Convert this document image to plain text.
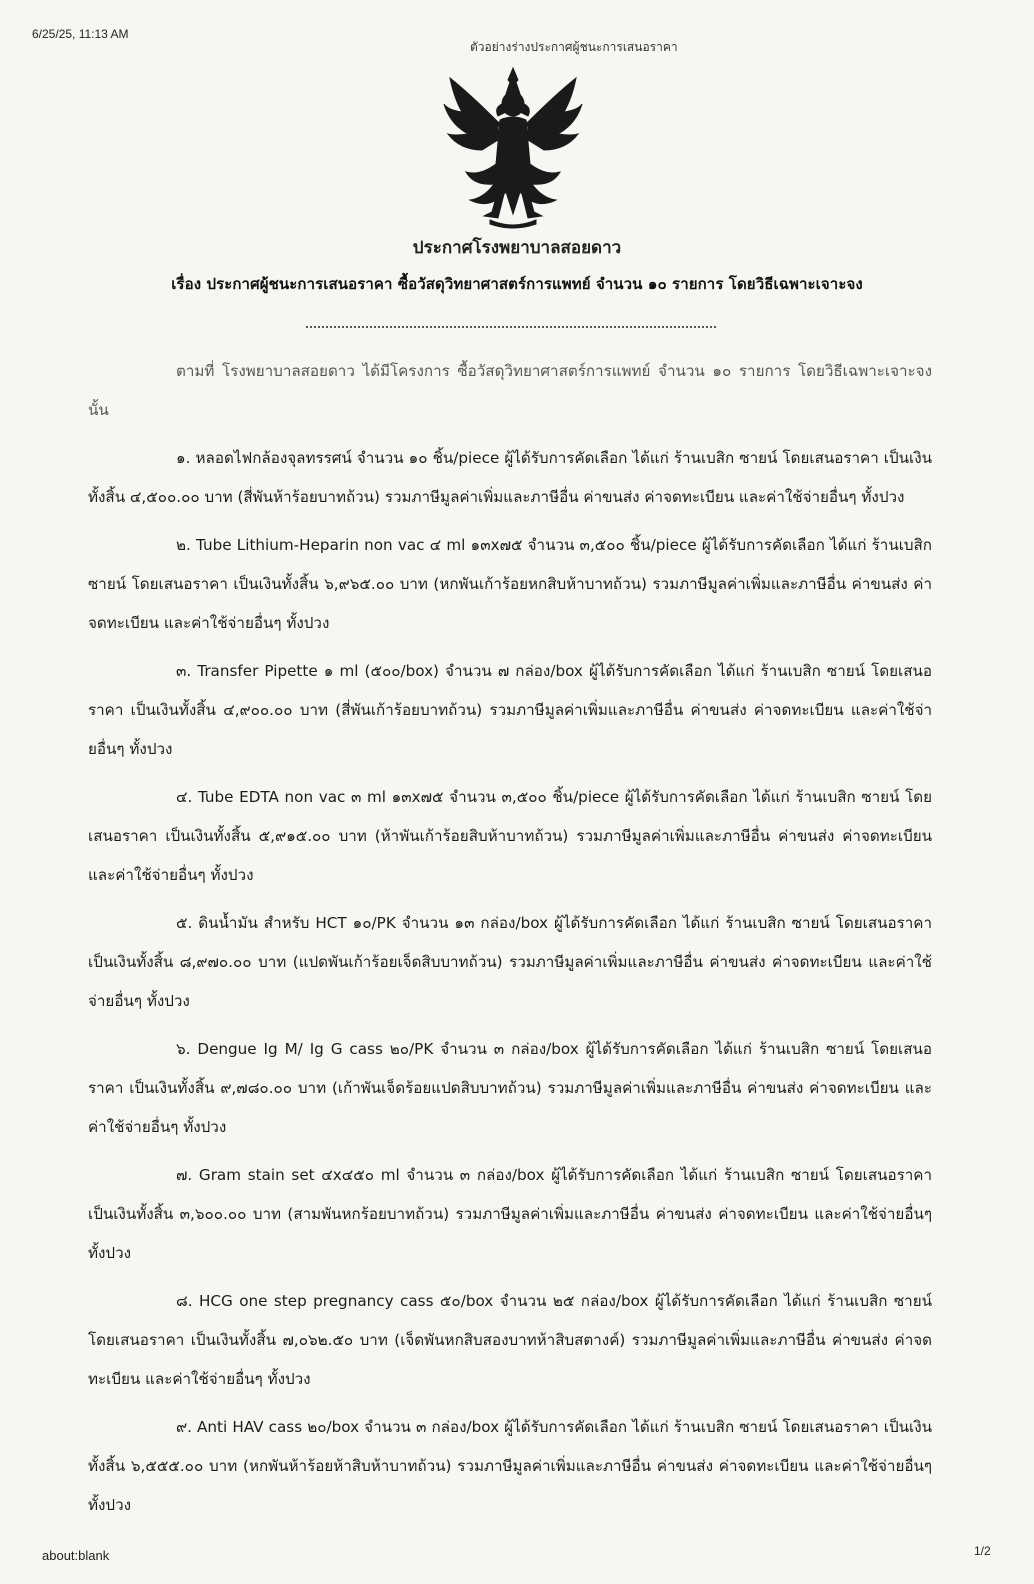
6/25/25, 11:13 AM
ตัวอย่างร่างประกาศผู้ชนะการเสนอราคา
ประกาศโรงพยาบาลสอยดาว
เรื่อง ประกาศผู้ชนะการเสนอราคา ซื้อวัสดุวิทยาศาสตร์การแพทย์ จำนวน ๑๐ รายการ โดยวิธีเฉพาะเจาะจง

ตามที่ โรงพยาบาลสอยดาว ได้มีโครงการ ซื้อวัสดุวิทยาศาสตร์การแพทย์ จำนวน ๑๐ รายการ โดยวิธีเฉพาะเจาะจง นั้น

๑. หลอดไฟกล้องจุลทรรศน์ จำนวน ๑๐ ชิ้น/piece ผู้ได้รับการคัดเลือก ได้แก่ ร้านเบสิก ซายน์ โดยเสนอราคา เป็นเงินทั้งสิ้น ๔,๕๐๐.๐๐ บาท (สี่พันห้าร้อยบาทถ้วน) รวมภาษีมูลค่าเพิ่มและภาษีอื่น ค่าขนส่ง ค่าจดทะเบียน และค่าใช้จ่ายอื่นๆ ทั้งปวง

๒. Tube Lithium-Heparin non vac ๔ ml ๑๓x๗๕ จำนวน ๓,๕๐๐ ชิ้น/piece ผู้ได้รับการคัดเลือก ได้แก่ ร้านเบสิก ซายน์ โดยเสนอราคา เป็นเงินทั้งสิ้น ๖,๙๖๕.๐๐ บาท (หกพันเก้าร้อยหกสิบห้าบาทถ้วน) รวมภาษีมูลค่าเพิ่มและภาษีอื่น ค่าขนส่ง ค่าจดทะเบียน และค่าใช้จ่ายอื่นๆ ทั้งปวง

๓. Transfer Pipette ๑ ml (๕๐๐/box) จำนวน ๗ กล่อง/box ผู้ได้รับการคัดเลือก ได้แก่ ร้านเบสิก ซายน์ โดยเสนอราคา เป็นเงินทั้งสิ้น ๔,๙๐๐.๐๐ บาท (สี่พันเก้าร้อยบาทถ้วน) รวมภาษีมูลค่าเพิ่มและภาษีอื่น ค่าขนส่ง ค่าจดทะเบียน และค่าใช้จ่ายอื่นๆ ทั้งปวง

๔. Tube EDTA non vac ๓ ml ๑๓x๗๕ จำนวน ๓,๕๐๐ ชิ้น/piece ผู้ได้รับการคัดเลือก ได้แก่ ร้านเบสิก ซายน์ โดยเสนอราคา เป็นเงินทั้งสิ้น ๕,๙๑๕.๐๐ บาท (ห้าพันเก้าร้อยสิบห้าบาทถ้วน) รวมภาษีมูลค่าเพิ่มและภาษีอื่น ค่าขนส่ง ค่าจดทะเบียน และค่าใช้จ่ายอื่นๆ ทั้งปวง

๕. ดินน้ำมัน สำหรับ HCT ๑๐/PK จำนวน ๑๓ กล่อง/box ผู้ได้รับการคัดเลือก ได้แก่ ร้านเบสิก ซายน์ โดยเสนอราคา เป็นเงินทั้งสิ้น ๘,๙๗๐.๐๐ บาท (แปดพันเก้าร้อยเจ็ดสิบบาทถ้วน) รวมภาษีมูลค่าเพิ่มและภาษีอื่น ค่าขนส่ง ค่าจดทะเบียน และค่าใช้จ่ายอื่นๆ ทั้งปวง

๖. Dengue Ig M/ Ig G cass ๒๐/PK จำนวน ๓ กล่อง/box ผู้ได้รับการคัดเลือก ได้แก่ ร้านเบสิก ซายน์ โดยเสนอราคา เป็นเงินทั้งสิ้น ๙,๗๘๐.๐๐ บาท (เก้าพันเจ็ดร้อยแปดสิบบาทถ้วน) รวมภาษีมูลค่าเพิ่มและภาษีอื่น ค่าขนส่ง ค่าจดทะเบียน และค่าใช้จ่ายอื่นๆ ทั้งปวง

๗. Gram stain set ๔x๔๕๐ ml จำนวน ๓ กล่อง/box ผู้ได้รับการคัดเลือก ได้แก่ ร้านเบสิก ซายน์ โดยเสนอราคา เป็นเงินทั้งสิ้น ๓,๖๐๐.๐๐ บาท (สามพันหกร้อยบาทถ้วน) รวมภาษีมูลค่าเพิ่มและภาษีอื่น ค่าขนส่ง ค่าจดทะเบียน และค่าใช้จ่ายอื่นๆ ทั้งปวง

๘. HCG one step pregnancy cass ๕๐/box จำนวน ๒๕ กล่อง/box ผู้ได้รับการคัดเลือก ได้แก่ ร้านเบสิก ซายน์ โดยเสนอราคา เป็นเงินทั้งสิ้น ๗,๐๖๒.๕๐ บาท (เจ็ดพันหกสิบสองบาทห้าสิบสตางค์) รวมภาษีมูลค่าเพิ่มและภาษีอื่น ค่าขนส่ง ค่าจดทะเบียน และค่าใช้จ่ายอื่นๆ ทั้งปวง

๙. Anti HAV cass ๒๐/box จำนวน ๓ กล่อง/box ผู้ได้รับการคัดเลือก ได้แก่ ร้านเบสิก ซายน์ โดยเสนอราคา เป็นเงินทั้งสิ้น ๖,๕๕๕.๐๐ บาท (หกพันห้าร้อยห้าสิบห้าบาทถ้วน) รวมภาษีมูลค่าเพิ่มและภาษีอื่น ค่าขนส่ง ค่าจดทะเบียน และค่าใช้จ่ายอื่นๆ ทั้งปวง

about:blank	1/2
